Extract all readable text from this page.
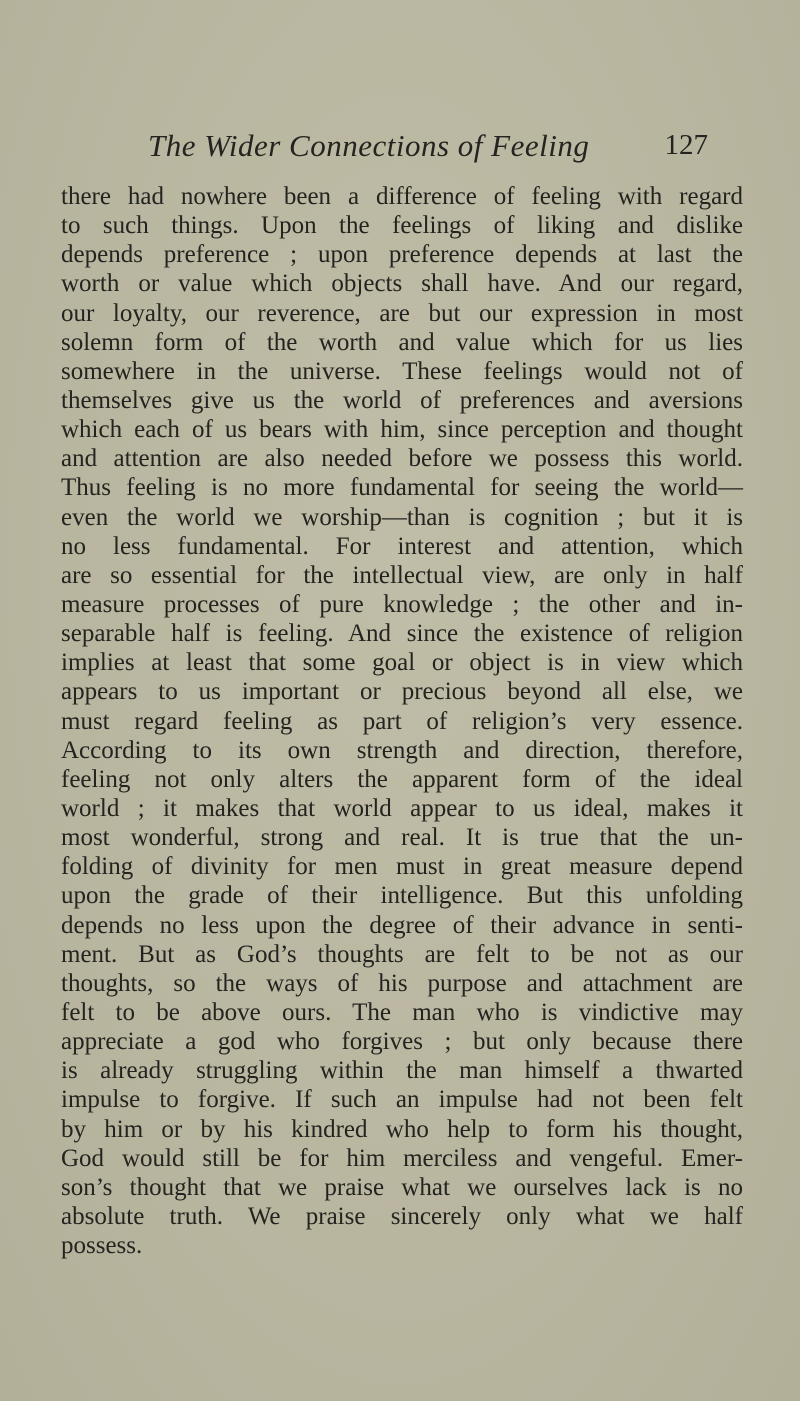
The Wider Connections of Feeling	127
there had nowhere been a difference of feeling with regard
to such things. Upon the feelings of liking and dislike
depends preference ; upon preference depends at last the
worth or value which objects shall have. And our regard,
our loyalty, our reverence, are but our expression in most
solemn form of the worth and value which for us lies
somewhere in the universe. These feelings would not of
themselves give us the world of preferences and aversions
which each of us bears with him, since perception and thought
and attention are also needed before we possess this world.
Thus feeling is no more fundamental for seeing the world—
even the world we worship—than is cognition ; but it is
no less fundamental. For interest and attention, which
are so essential for the intellectual view, are only in half
measure processes of pure knowledge ; the other and in-
separable half is feeling. And since the existence of religion
implies at least that some goal or object is in view which
appears to us important or precious beyond all else, we
must regard feeling as part of religion’s very essence.
According to its own strength and direction, therefore,
feeling not only alters the apparent form of the ideal
world ; it makes that world appear to us ideal, makes it
most wonderful, strong and real. It is true that the un-
folding of divinity for men must in great measure depend
upon the grade of their intelligence. But this unfolding
depends no less upon the degree of their advance in senti-
ment. But as God’s thoughts are felt to be not as our
thoughts, so the ways of his purpose and attachment are
felt to be above ours. The man who is vindictive may
appreciate a god who forgives ; but only because there
is already struggling within the man himself a thwarted
impulse to forgive. If such an impulse had not been felt
by him or by his kindred who help to form his thought,
God would still be for him merciless and vengeful. Emer-
son’s thought that we praise what we ourselves lack is no
absolute truth. We praise sincerely only what we half
possess.
